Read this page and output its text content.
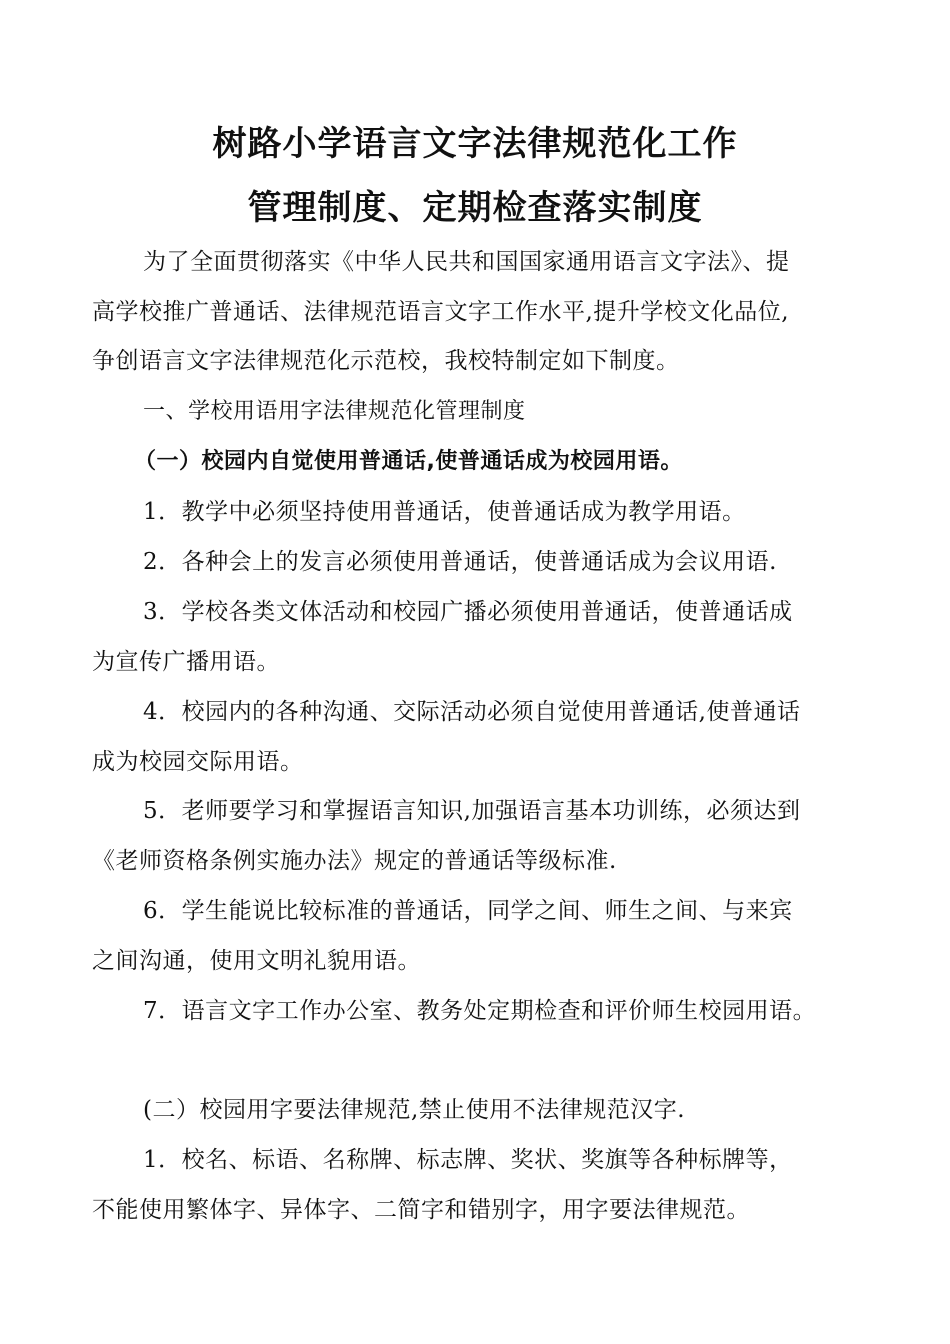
树路小学语言文字法律规范化工作
管理制度、定期检查落实制度
为了全面贯彻落实《中华人民共和国国家通用语言文字法》、提
高学校推广普通话、法律规范语言文字工作水平,提升学校文化品位,
争创语言文字法律规范化示范校，我校特制定如下制度。
一、学校用语用字法律规范化管理制度
（一）校园内自觉使用普通话,使普通话成为校园用语。
1．教学中必须坚持使用普通话，使普通话成为教学用语。
2．各种会上的发言必须使用普通话，使普通话成为会议用语.
3．学校各类文体活动和校园广播必须使用普通话，使普通话成
为宣传广播用语。
4．校园内的各种沟通、交际活动必须自觉使用普通话,使普通话
成为校园交际用语。
5．老师要学习和掌握语言知识,加强语言基本功训练，必须达到
《老师资格条例实施办法》规定的普通话等级标准.
6．学生能说比较标准的普通话，同学之间、师生之间、与来宾
之间沟通，使用文明礼貌用语。
7．语言文字工作办公室、教务处定期检查和评价师生校园用语。
(二）校园用字要法律规范,禁止使用不法律规范汉字.
1．校名、标语、名称牌、标志牌、奖状、奖旗等各种标牌等，
不能使用繁体字、异体字、二简字和错别字，用字要法律规范。
